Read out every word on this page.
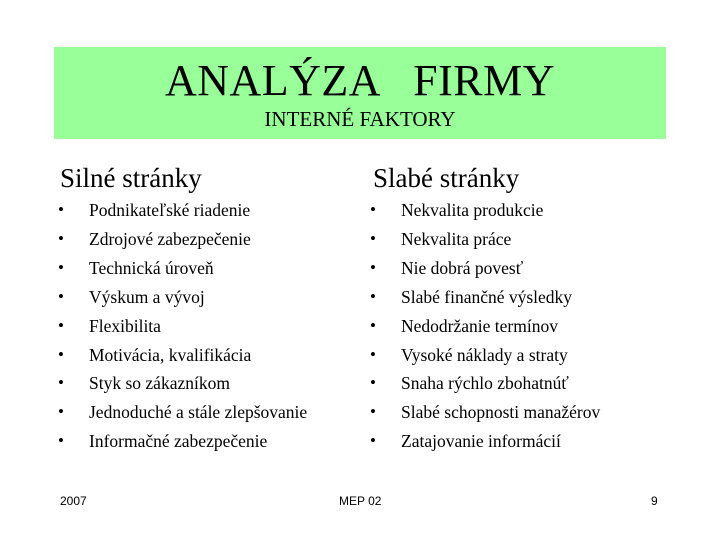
ANALÝZA   FIRMY
INTERNÉ FAKTORY
Silné stránky	Slabé stránky
• Podnikateľské riadenie
• Zdrojové zabezpečenie
• Technická úroveň
• Výskum a vývoj
• Flexibilita
• Motivácia, kvalifikácia
• Styk so zákazníkom
• Jednoduché a stále zlepšovanie
• Informačné zabezpečenie
• Nekvalita produkcie
• Nekvalita práce
• Nie dobrá povesť
• Slabé finančné výsledky
• Nedodržanie termínov
• Vysoké náklady a straty
• Snaha rýchlo zbohatnúť
• Slabé schopnosti manažérov
• Zatajovanie informácií
2007	MEP 02	9
